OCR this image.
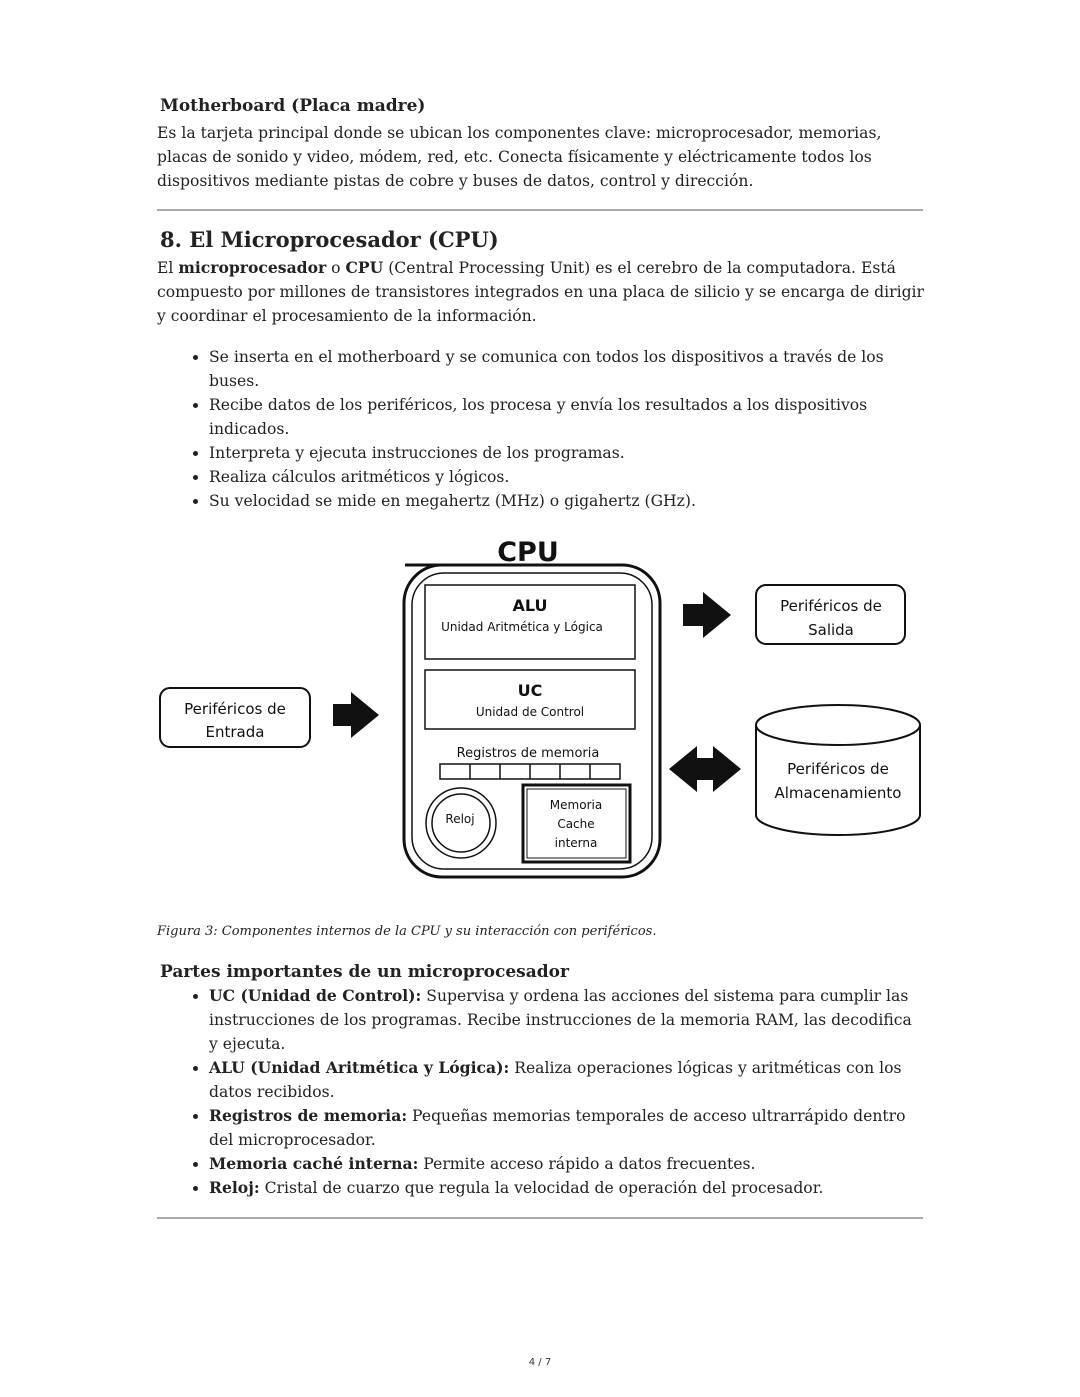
Motherboard (Placa madre)

Es la tarjeta principal donde se ubican los componentes clave: microprocesador, memorias, placas de sonido y video, módem, red, etc. Conecta físicamente y eléctricamente todos los dispositivos mediante pistas de cobre y buses de datos, control y dirección.

8. El Microprocesador (CPU)

El microprocesador o CPU (Central Processing Unit) es el cerebro de la computadora. Está compuesto por millones de transistores integrados en una placa de silicio y se encarga de dirigir y coordinar el procesamiento de la información.

• Se inserta en el motherboard y se comunica con todos los dispositivos a través de los buses.
• Recibe datos de los periféricos, los procesa y envía los resultados a los dispositivos indicados.
• Interpreta y ejecuta instrucciones de los programas.
• Realiza cálculos aritméticos y lógicos.
• Su velocidad se mide en megahertz (MHz) o gigahertz (GHz).
CPU
ALU
Unidad Aritmética y Lógica
UC
Unidad de Control
Registros de memoria
Reloj
Memoria
Cache
interna
Periféricos de
Entrada
Periféricos de
Salida
Periféricos de
Almacenamiento

Figura 3: Componentes internos de la CPU y su interacción con periféricos.

Partes importantes de un microprocesador
• UC (Unidad de Control): Supervisa y ordena las acciones del sistema para cumplir las instrucciones de los programas. Recibe instrucciones de la memoria RAM, las decodifica y ejecuta.
• ALU (Unidad Aritmética y Lógica): Realiza operaciones lógicas y aritméticas con los datos recibidos.
• Registros de memoria: Pequeñas memorias temporales de acceso ultrarrápido dentro del microprocesador.
• Memoria caché interna: Permite acceso rápido a datos frecuentes.
• Reloj: Cristal de cuarzo que regula la velocidad de operación del procesador.
4 / 7
